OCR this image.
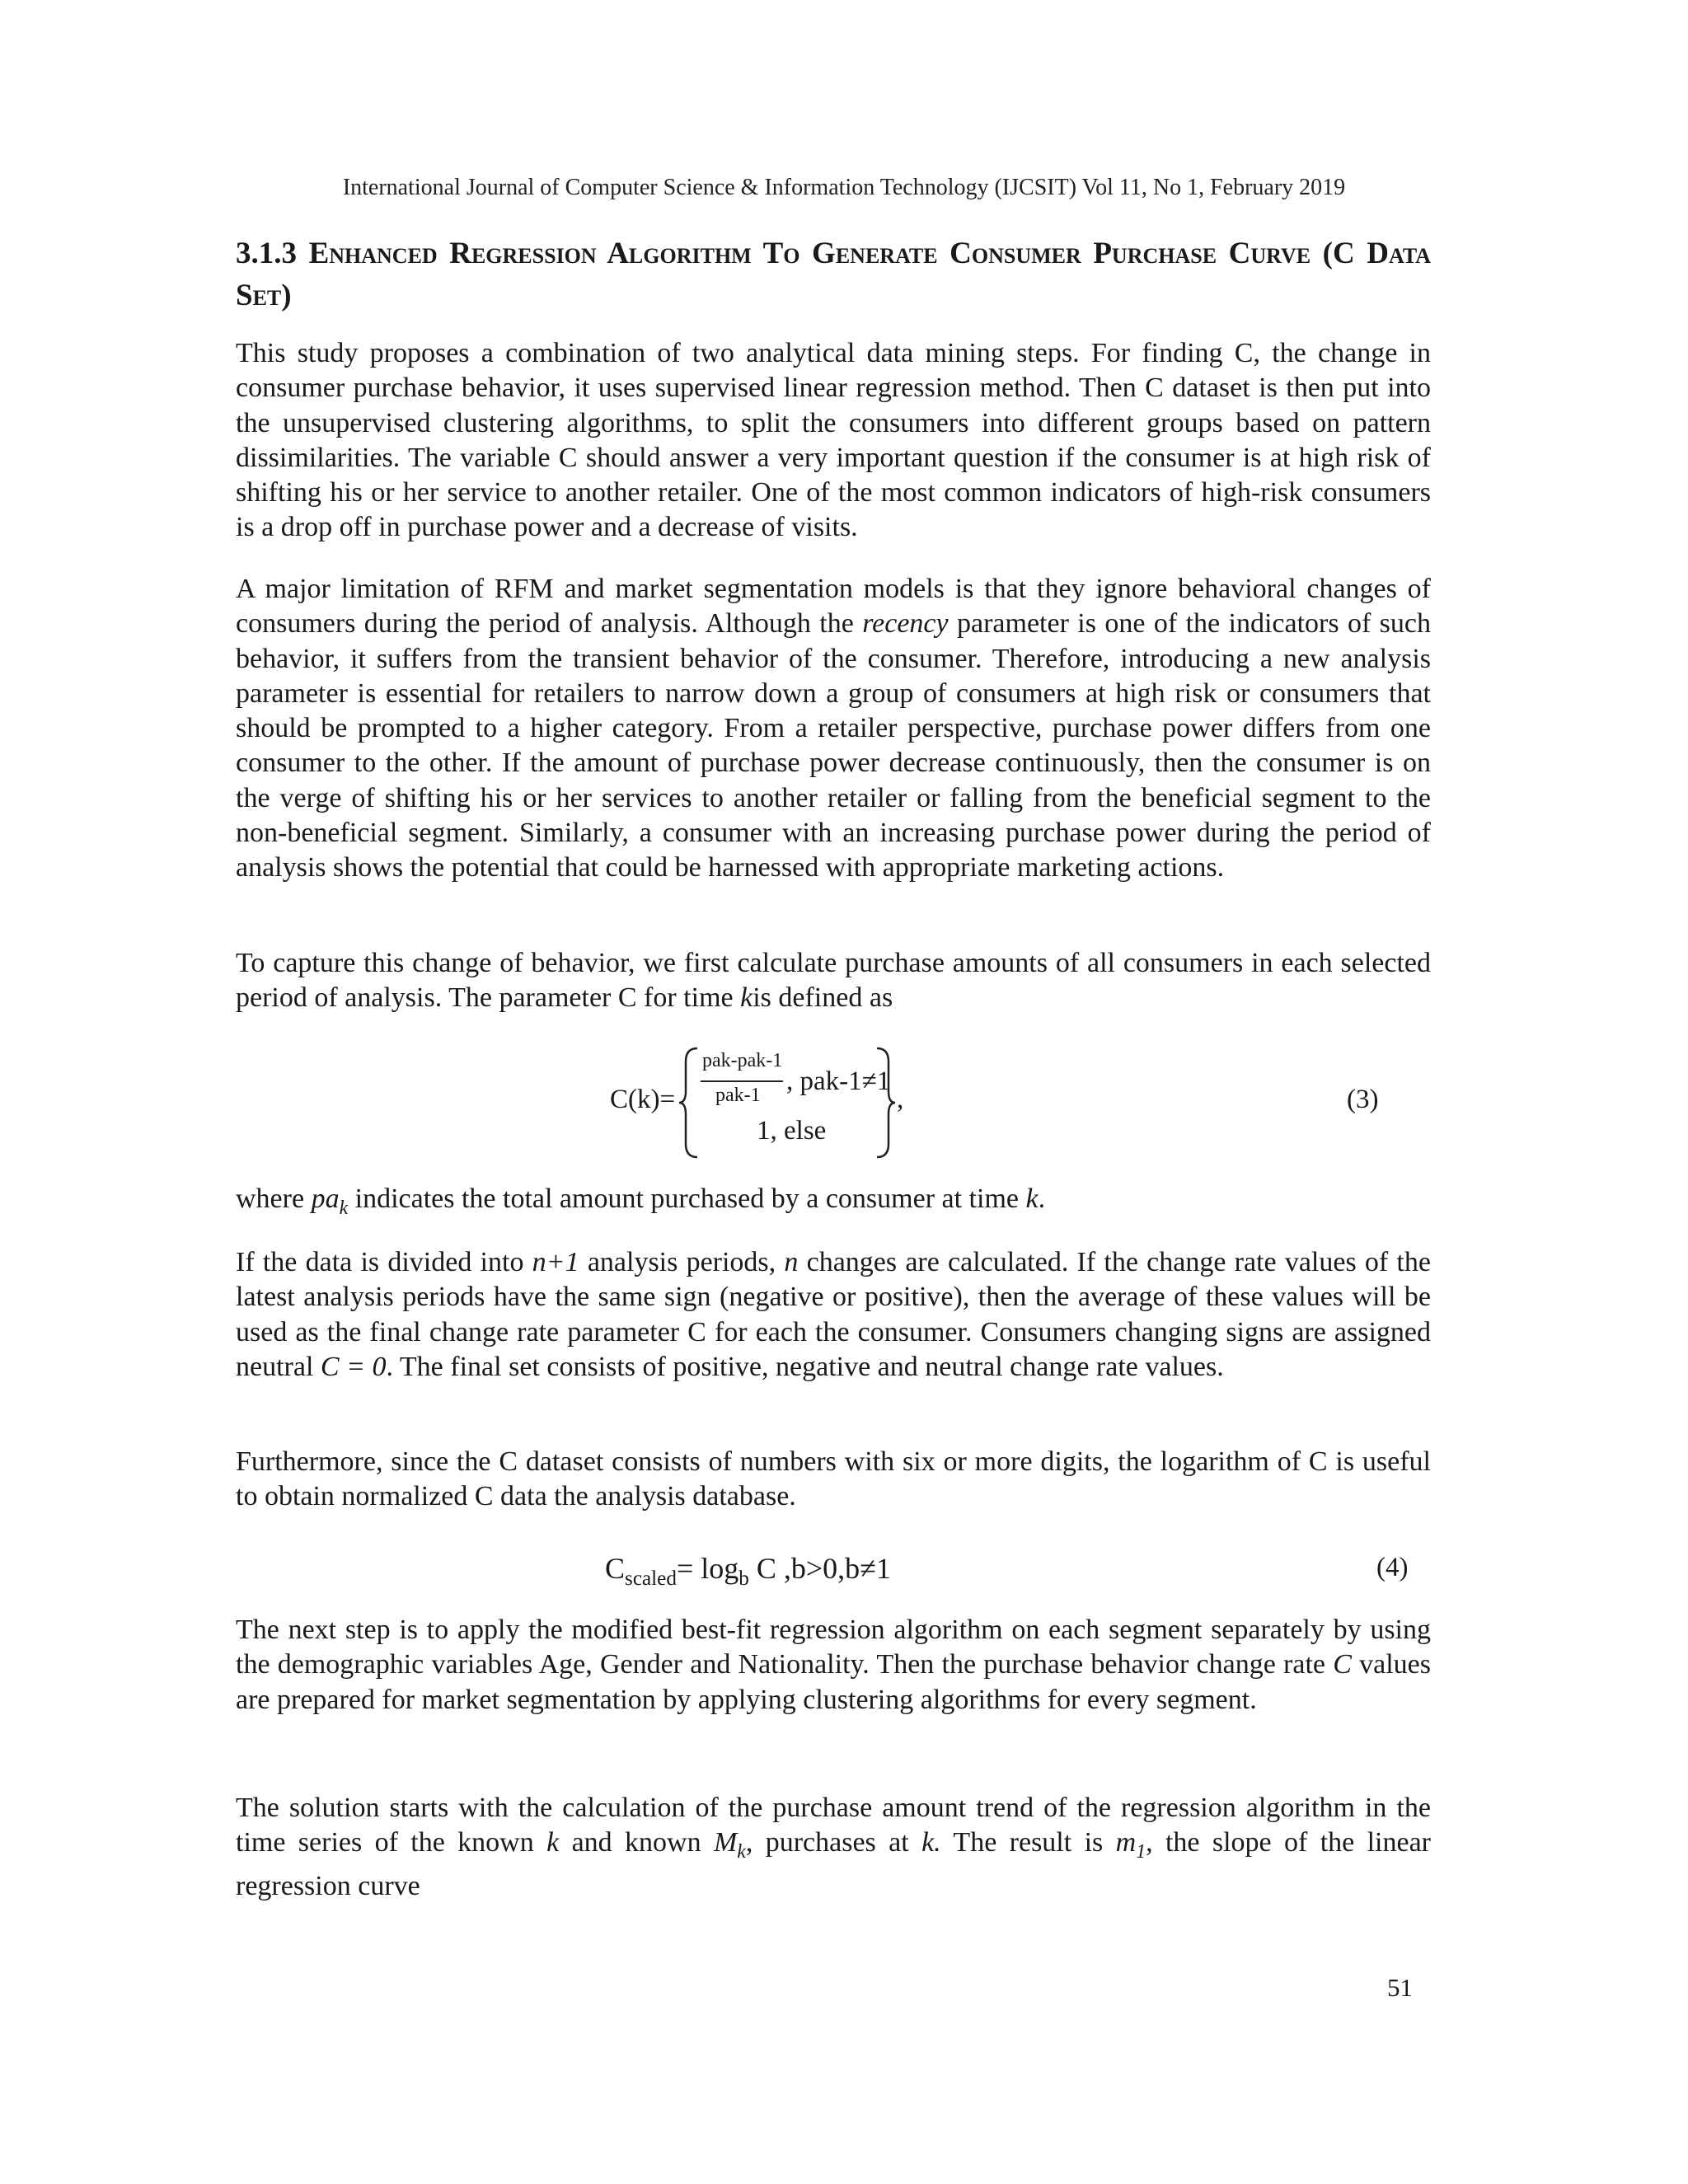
International Journal of Computer Science & Information Technology (IJCSIT) Vol 11, No 1, February 2019
3.1.3 Enhanced Regression Algorithm To Generate Consumer Purchase Curve (C Data Set)
This study proposes a combination of two analytical data mining steps. For finding C, the change in consumer purchase behavior, it uses supervised linear regression method. Then C dataset is then put into the unsupervised clustering algorithms, to split the consumers into different groups based on pattern dissimilarities. The variable C should answer a very important question if the consumer is at high risk of shifting his or her service to another retailer. One of the most common indicators of high-risk consumers is a drop off in purchase power and a decrease of visits.
A major limitation of RFM and market segmentation models is that they ignore behavioral changes of consumers during the period of analysis. Although the recency parameter is one of the indicators of such behavior, it suffers from the transient behavior of the consumer. Therefore, introducing a new analysis parameter is essential for retailers to narrow down a group of consumers at high risk or consumers that should be prompted to a higher category. From a retailer perspective, purchase power differs from one consumer to the other. If the amount of purchase power decrease continuously, then the consumer is on the verge of shifting his or her services to another retailer or falling from the beneficial segment to the non-beneficial segment. Similarly, a consumer with an increasing purchase power during the period of analysis shows the potential that could be harnessed with appropriate marketing actions.
To capture this change of behavior, we first calculate purchase amounts of all consumers in each selected period of analysis. The parameter C for time kis defined as
C(k)=
pak-pak-1
pak-1 , pak-1≠1
1, else
,	(3)
where $pa_k$ indicates the total amount purchased by a consumer at time k.
If the data is divided into n+1 analysis periods, n changes are calculated. If the change rate values of the latest analysis periods have the same sign (negative or positive), then the average of these values will be used as the final change rate parameter C for each the consumer. Consumers changing signs are assigned neutral C = 0. The final set consists of positive, negative and neutral change rate values.
Furthermore, since the C dataset consists of numbers with six or more digits, the logarithm of C is useful to obtain normalized C data the analysis database.
$C_{scaled}= \log_b C$ ,b>0,b≠1	(4)
The next step is to apply the modified best-fit regression algorithm on each segment separately by using the demographic variables Age, Gender and Nationality. Then the purchase behavior change rate C values are prepared for market segmentation by applying clustering algorithms for every segment.
The solution starts with the calculation of the purchase amount trend of the regression algorithm in the time series of the known k and known $M_k$, purchases at k. The result is $m_1$, the slope of the linear regression curve
51
